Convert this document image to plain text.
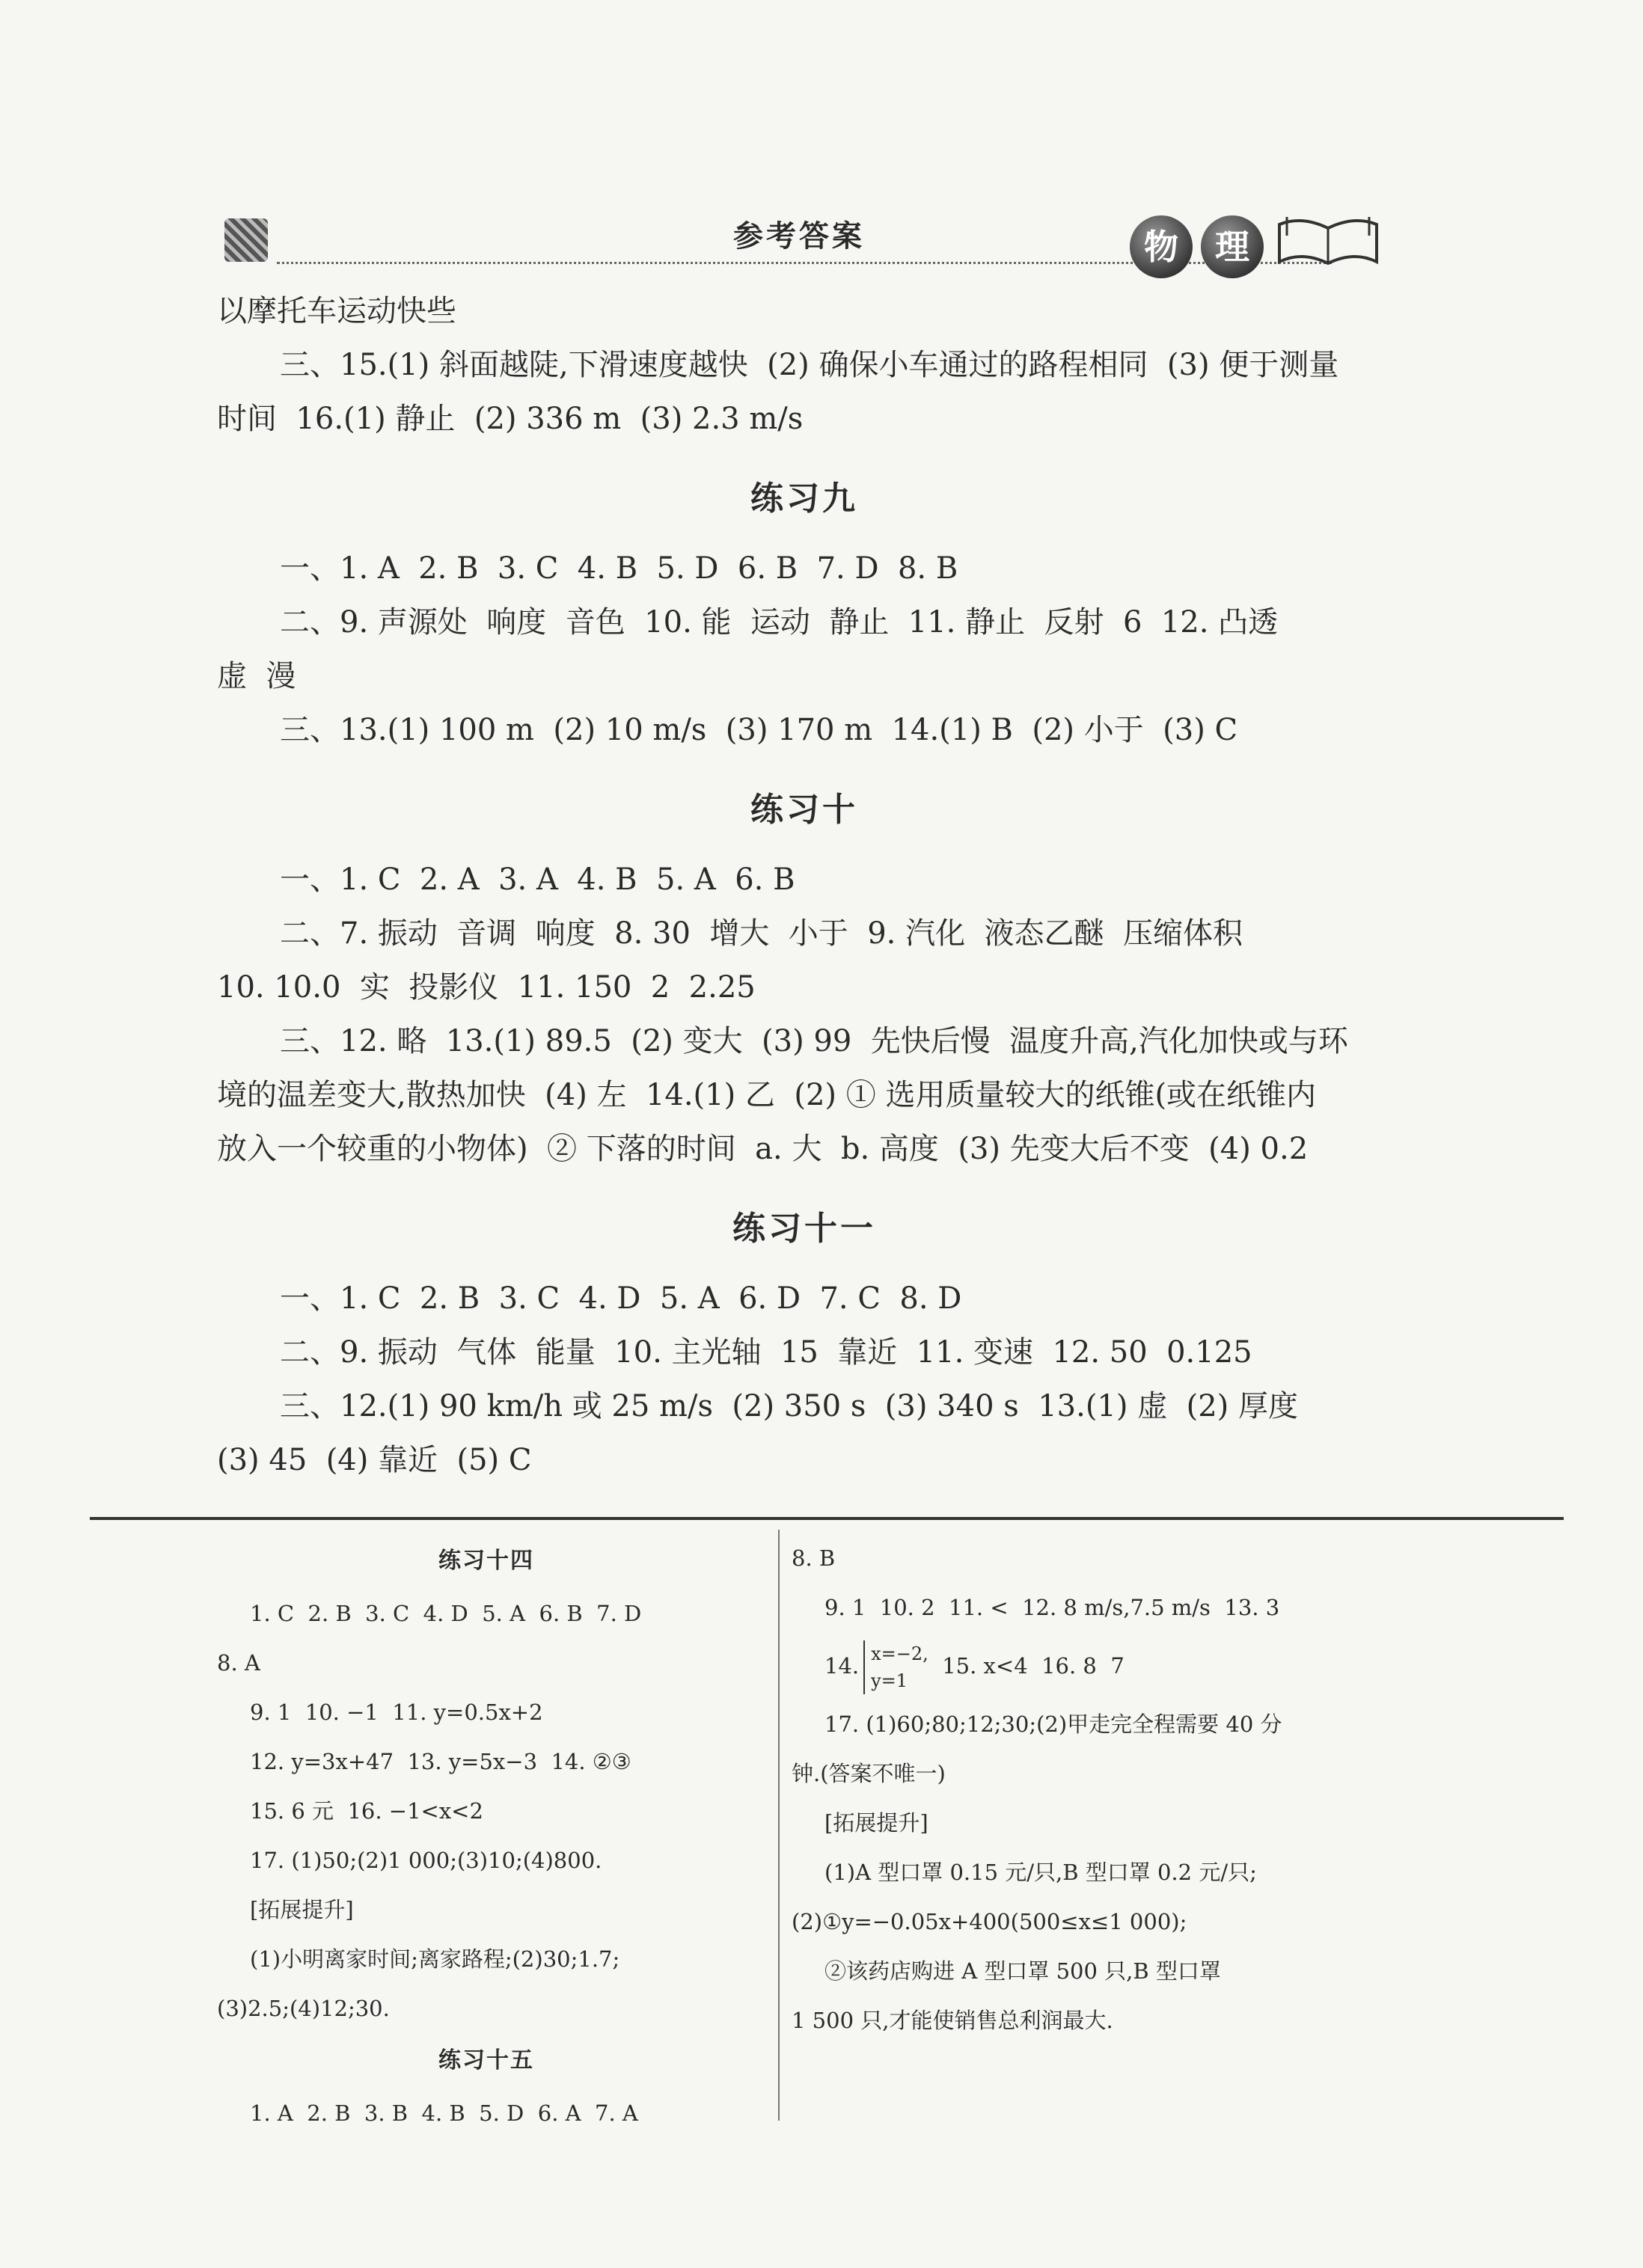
参考答案	物	理
以摩托车运动快些
三、15.(1) 斜面越陡,下滑速度越快  (2) 确保小车通过的路程相同  (3) 便于测量
时间  16.(1) 静止  (2) 336 m  (3) 2.3 m/s
练习九
一、1. A  2. B  3. C  4. B  5. D  6. B  7. D  8. B
二、9. 声源处  响度  音色  10. 能  运动  静止  11. 静止  反射  6  12. 凸透
虚  漫
三、13.(1) 100 m  (2) 10 m/s  (3) 170 m  14.(1) B  (2) 小于  (3) C
练习十
一、1. C  2. A  3. A  4. B  5. A  6. B
二、7. 振动  音调  响度  8. 30  增大  小于  9. 汽化  液态乙醚  压缩体积
10. 10.0  实  投影仪  11. 150  2  2.25
三、12. 略  13.(1) 89.5  (2) 变大  (3) 99  先快后慢  温度升高,汽化加快或与环
境的温差变大,散热加快  (4) 左  14.(1) 乙  (2) ① 选用质量较大的纸锥(或在纸锥内
放入一个较重的小物体)  ② 下落的时间  a. 大  b. 高度  (3) 先变大后不变  (4) 0.2
练习十一
一、1. C  2. B  3. C  4. D  5. A  6. D  7. C  8. D
二、9. 振动  气体  能量  10. 主光轴  15  靠近  11. 变速  12. 50  0.125
三、12.(1) 90 km/h 或 25 m/s  (2) 350 s  (3) 340 s  13.(1) 虚  (2) 厚度
(3) 45  (4) 靠近  (5) C
练习十四
1. C  2. B  3. C  4. D  5. A  6. B  7. D
8. A
9. 1  10. −1  11. y=0.5x+2
12. y=3x+47  13. y=5x−3  14. ②③
15. 6 元  16. −1<x<2
17. (1)50;(2)1 000;(3)10;(4)800.
[拓展提升]
(1)小明离家时间;离家路程;(2)30;1.7;
(3)2.5;(4)12;30.
练习十五
1. A  2. B  3. B  4. B  5. D  6. A  7. A
8. B
9. 1  10. 2  11. <  12. 8 m/s,7.5 m/s  13. 3
14. x=−2,
y=1  15. x<4  16. 8  7
17. (1)60;80;12;30;(2)甲走完全程需要 40 分
钟.(答案不唯一)
[拓展提升]
(1)A 型口罩 0.15 元/只,B 型口罩 0.2 元/只;
(2)①y=−0.05x+400(500≤x≤1 000);
②该药店购进 A 型口罩 500 只,B 型口罩
1 500 只,才能使销售总利润最大.
